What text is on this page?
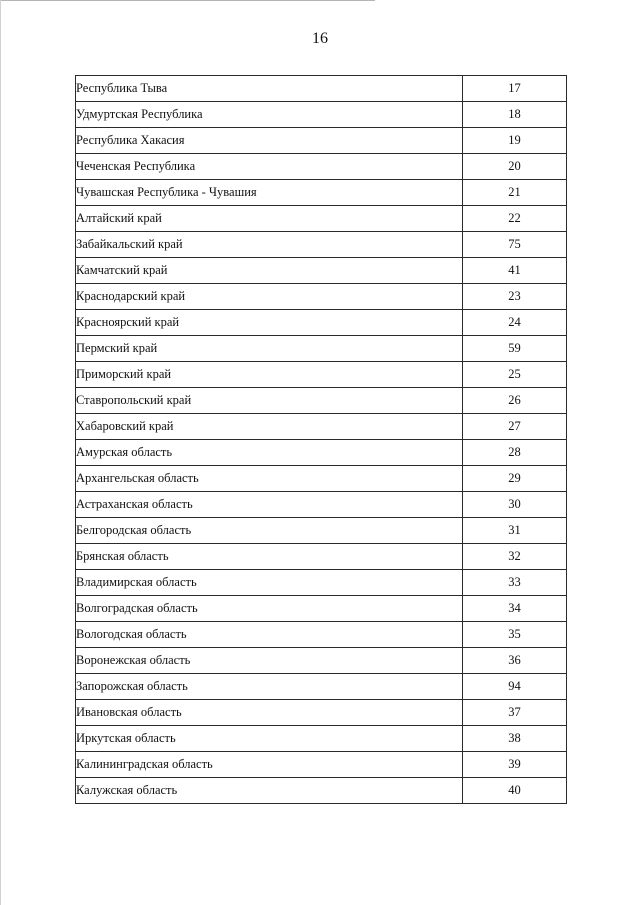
16
Республика Тыва	17
Удмуртская Республика	18
Республика Хакасия	19
Чеченская Республика	20
Чувашская Республика - Чувашия	21
Алтайский край	22
Забайкальский край	75
Камчатский край	41
Краснодарский край	23
Красноярский край	24
Пермский край	59
Приморский край	25
Ставропольский край	26
Хабаровский край	27
Амурская область	28
Архангельская область	29
Астраханская область	30
Белгородская область	31
Брянская область	32
Владимирская область	33
Волгоградская область	34
Вологодская область	35
Воронежская область	36
Запорожская область	94
Ивановская область	37
Иркутская область	38
Калининградская область	39
Калужская область	40
